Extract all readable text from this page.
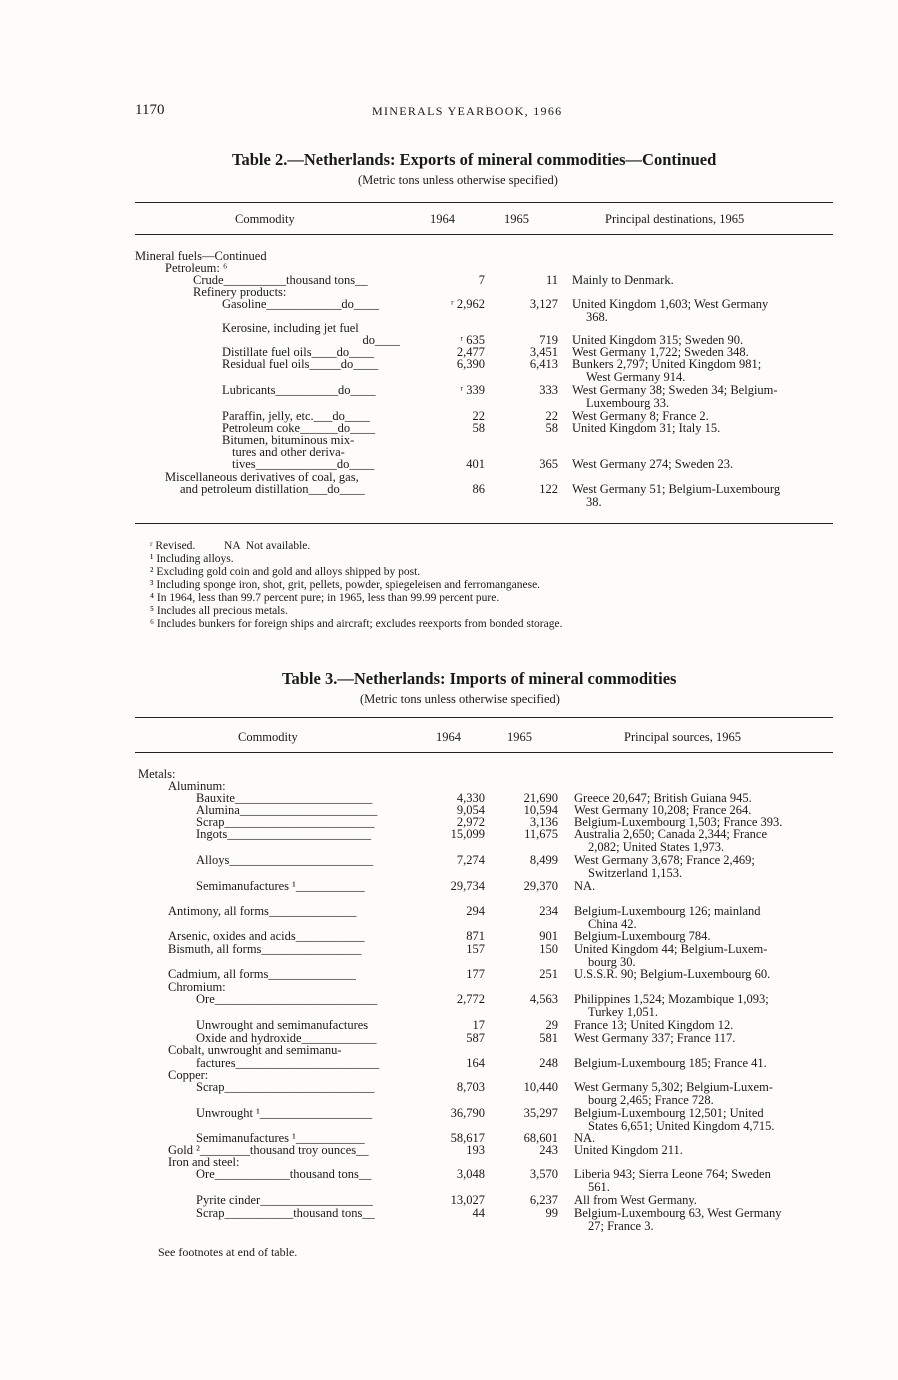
1170	MINERALS YEARBOOK, 1966
Table 2.—Netherlands: Exports of mineral commodities—Continued
(Metric tons unless otherwise specified)
Commodity	1964	1965	Principal destinations, 1965
Mineral fuels—Continued
Petroleum: ⁶
Crude__________thousand tons__	7	11 Mainly to Denmark.
Refinery products:
Gasoline____________do____	ʳ 2,962	3,127 United Kingdom 1,603; West Germany
368.
Kerosine, including jet fuel
do____	ʳ 635	719 United Kingdom 315; Sweden 90.
Distillate fuel oils____do____	2,477	3,451 West Germany 1,722; Sweden 348.
Residual fuel oils_____do____	6,390	6,413 Bunkers 2,797; United Kingdom 981;
West Germany 914.
Lubricants__________do____	ʳ 339	333 West Germany 38; Sweden 34; Belgium-
Luxembourg 33.
Paraffin, jelly, etc.___do____	22	22 West Germany 8; France 2.
Petroleum coke______do____	58	58 United Kingdom 31; Italy 15.
Bitumen, bituminous mix-
tures and other deriva-
tives_____________do____	401	365 West Germany 274; Sweden 23.
Miscellaneous derivatives of coal, gas,
and petroleum distillation___do____	86	122 West Germany 51; Belgium-Luxembourg
38.
ʳ Revised.          NA  Not available.
¹ Including alloys.
² Excluding gold coin and gold and alloys shipped by post.
³ Including sponge iron, shot, grit, pellets, powder, spiegeleisen and ferromanganese.
⁴ In 1964, less than 99.7 percent pure; in 1965, less than 99.99 percent pure.
⁵ Includes all precious metals.
⁶ Includes bunkers for foreign ships and aircraft; excludes reexports from bonded storage.
Table 3.—Netherlands: Imports of mineral commodities
(Metric tons unless otherwise specified)
Commodity	1964	1965	Principal sources, 1965
Metals:
Aluminum:
Bauxite______________________	4,330	21,690 Greece 20,647; British Guiana 945.
Alumina______________________	9,054	10,594 West Germany 10,208; France 264.
Scrap________________________	2,972	3,136 Belgium-Luxembourg 1,503; France 393.
Ingots_______________________	15,099	11,675 Australia 2,650; Canada 2,344; France
2,082; United States 1,973.
Alloys_______________________	7,274	8,499 West Germany 3,678; France 2,469;
Switzerland 1,153.
Semimanufactures ¹___________	29,734	29,370 NA.
Antimony, all forms______________	294	234 Belgium-Luxembourg 126; mainland
China 42.
Arsenic, oxides and acids___________	871	901 Belgium-Luxembourg 784.
Bismuth, all forms________________	157	150 United Kingdom 44; Belgium-Luxem-
bourg 30.
Cadmium, all forms______________	177	251 U.S.S.R. 90; Belgium-Luxembourg 60.
Chromium:
Ore__________________________	2,772	4,563 Philippines 1,524; Mozambique 1,093;
Turkey 1,051.
Unwrought and semimanufactures	17	29 France 13; United Kingdom 12.
Oxide and hydroxide____________	587	581 West Germany 337; France 117.
Cobalt, unwrought and semimanu-
factures_______________________	164	248 Belgium-Luxembourg 185; France 41.
Copper:
Scrap________________________	8,703	10,440 West Germany 5,302; Belgium-Luxem-
bourg 2,465; France 728.
Unwrought ¹__________________	36,790	35,297 Belgium-Luxembourg 12,501; United
States 6,651; United Kingdom 4,715.
Semimanufactures ¹___________	58,617	68,601 NA.
Gold ²________thousand troy ounces__	193	243 United Kingdom 211.
Iron and steel:
Ore____________thousand tons__	3,048	3,570 Liberia 943; Sierra Leone 764; Sweden
561.
Pyrite cinder__________________	13,027	6,237 All from West Germany.
Scrap___________thousand tons__	44	99 Belgium-Luxembourg 63, West Germany
27; France 3.
See footnotes at end of table.
